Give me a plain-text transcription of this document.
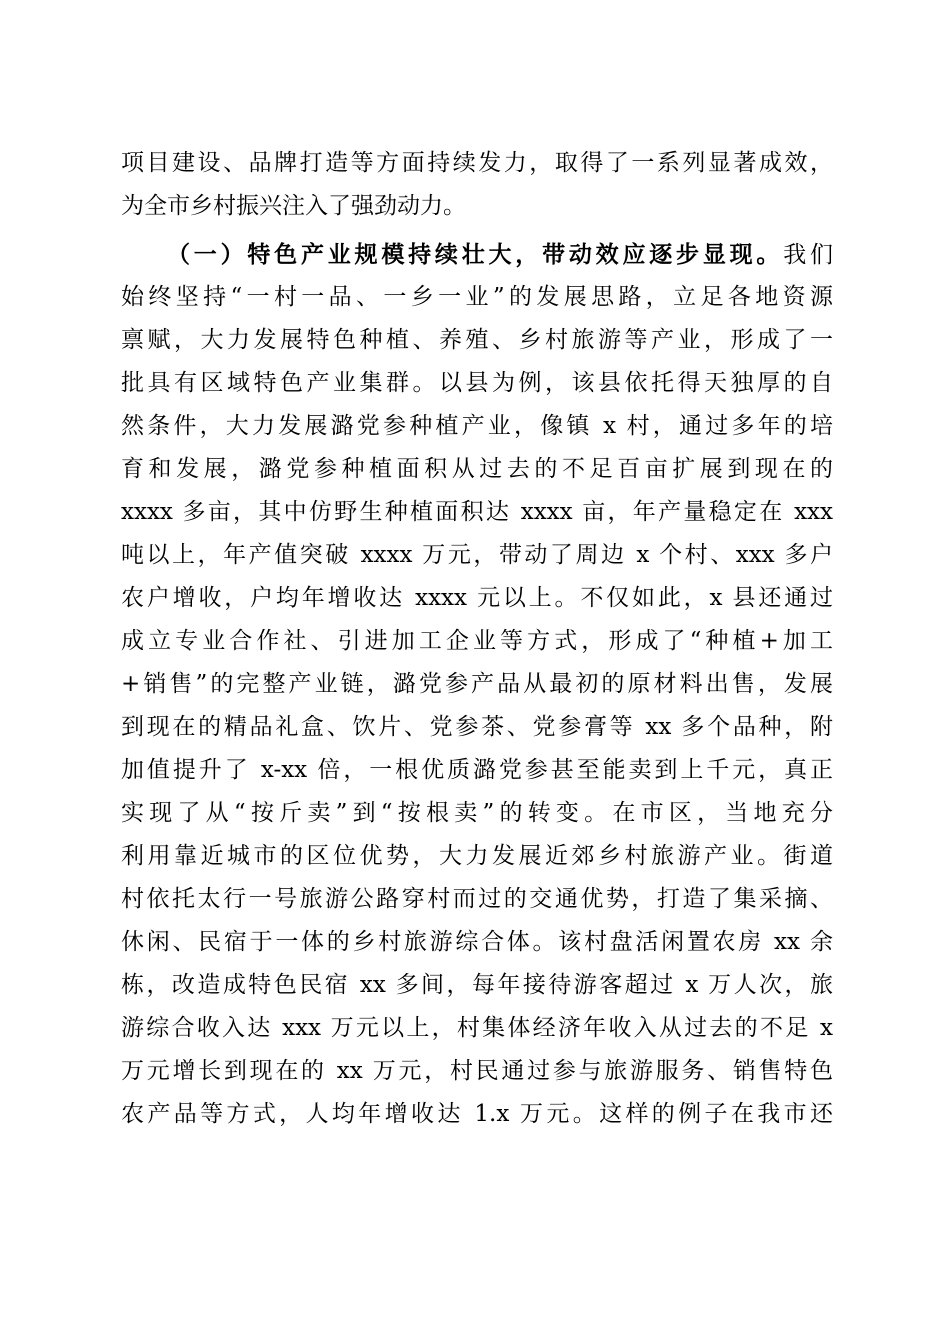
项目建设、品牌打造等方面持续发力，取得了一系列显著成效，
为全市乡村振兴注入了强劲动力。
（一）特色产业规模持续壮大，带动效应逐步显现。我们
始终坚持“一村一品、一乡一业”的发展思路，立足各地资源
禀赋，大力发展特色种植、养殖、乡村旅游等产业，形成了一
批具有区域特色产业集群。以县为例，该县依托得天独厚的自
然条件，大力发展潞党参种植产业，像镇 x 村，通过多年的培
育和发展，潞党参种植面积从过去的不足百亩扩展到现在的
xxxx 多亩，其中仿野生种植面积达 xxxx 亩，年产量稳定在 xxx
吨以上，年产值突破 xxxx 万元，带动了周边 x 个村、xxx 多户
农户增收，户均年增收达 xxxx 元以上。不仅如此，x 县还通过
成立专业合作社、引进加工企业等方式，形成了“种植+加工
+销售”的完整产业链，潞党参产品从最初的原材料出售，发展
到现在的精品礼盒、饮片、党参茶、党参膏等 xx 多个品种，附
加值提升了 x-xx 倍，一根优质潞党参甚至能卖到上千元，真正
实现了从“按斤卖”到“按根卖”的转变。在市区，当地充分
利用靠近城市的区位优势，大力发展近郊乡村旅游产业。街道
村依托太行一号旅游公路穿村而过的交通优势，打造了集采摘、
休闲、民宿于一体的乡村旅游综合体。该村盘活闲置农房 xx 余
栋，改造成特色民宿 xx 多间，每年接待游客超过 x 万人次，旅
游综合收入达 xxx 万元以上，村集体经济年收入从过去的不足 x
万元增长到现在的 xx 万元，村民通过参与旅游服务、销售特色
农产品等方式，人均年增收达 1.x 万元。这样的例子在我市还
